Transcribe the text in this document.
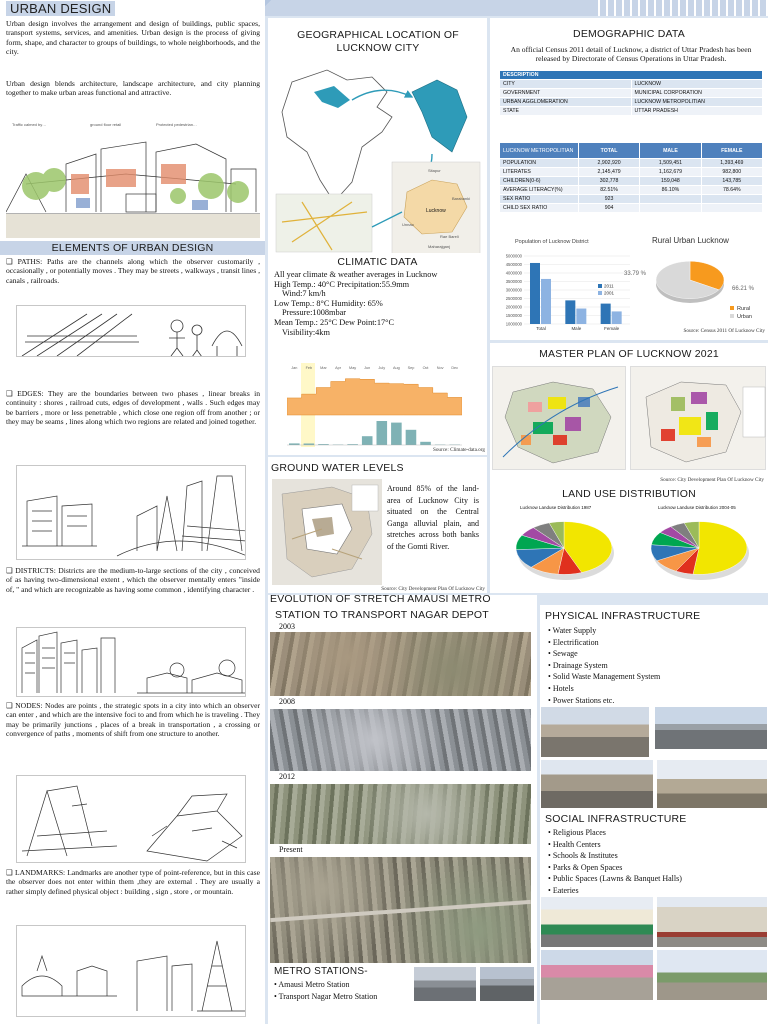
URBAN DESIGN

Urban design involves the arrangement and design of buildings, public spaces, transport systems, services, and amenities. Urban design is the process of giving form, shape, and character to groups of buildings, to whole neighborhoods, and the city.

Urban design blends architecture, landscape architecture, and city planning together to make urban areas functional and attractive.

Traffic calmed by…	ground floor retail	Protected pedestrian…
ELEMENTS OF URBAN DESIGN

❑ PATHS: Paths are the channels along which the observer customarily , occasionally , or potentially moves . They may be streets , walkways , transit lines , canals , railroads.

❑ EDGES: They are the boundaries between two phases , linear breaks in continuity : shores , railroad cuts, edges of development , walls . Such edges may be barriers , more or less penetrable , which close one region off from another ; or they may be seams , lines along which two regions are related and joined together.

❑ DISTRICTS: Districts are the medium-to-large sections of the city , conceived of as having two-dimensional extent , which the observer mentally enters "inside of, " and which are recognizable as having some common , identifying character .

❑ NODES: Nodes are points , the strategic spots in a city into which an observer can enter , and which are the intensive foci to and from which he is traveling . They may be primarily junctions , places of a break in transportation , a crossing or convergence of paths , moments of shift from one structure to another.

❑ LANDMARKS: Landmarks are another type of point-reference, but in this case the observer does not enter within them ,they are external . They are usually a rather simply defined physical object : building , sign , store , or mountain.

GEOGRAPHICAL LOCATION OF LUCKNOW CITY
Lucknow
Sitapur
Barabanki
Unnao
Rae Bareli
Maharajganj
CLIMATIC DATA
All year climate & weather averages in Lucknow
High Temp.: 40°C Precipitation:55.9mm
Wind:7 km/h
Low Temp.: 8°C Humidity: 65%
Pressure:1008mbar
Mean Temp.: 25°C Dew Point:17°C
Visibility:4km
Jan Feb Mar Apr May Jun July Aug Sep Oct Nov Dec
Source: Climate-data.org
GROUND WATER LEVELS

Around 85% of the land-area of Lucknow City is situated on the Central Ganga alluvial plain, and stretches across both banks of the Gomti River.

Source: City Development Plan Of Lucknow City
DEMOGRAPHIC DATA

An official Census 2011 detail of Lucknow, a district of Uttar Pradesh has been released by Directorate of Census Operations in Uttar Pradesh.

DESCRIPTION	
CITY	LUCKNOW
GOVERNMENT	MUNICIPAL CORPORATION
URBAN AGGLOMERATION	LUCKNOW METROPOLITIAN
STATE	UTTAR PRADESH
LUCKNOW METROPOLITIAN	TOTAL	MALE	FEMALE
POPULATION	2,902,920	1,509,451	1,393,469
LITERATES	2,145,479	1,162,679	982,800
CHILDREN(0-6)	302,778	159,048	143,785
AVERAGE LITERACY(%)	82.51%	86.10%	78.64%
SEX RATIO	923		
CHILD SEX RATIO	904		
Population of Lucknow District
1000000
1500000
2000000
2500000
3000000
3500000
4000000
4500000
5000000
Total	Male	Female
2011
2001
Rural Urban Lucknow
33.79 %
66.21 %
Rural
Urban
Source: Census 2011 Of Lucknow City
MASTER PLAN OF LUCKNOW 2021
Source: City Development Plan Of Lucknow City
LAND USE DISTRIBUTION
Lucknow Landuse Distribution 1987	Lucknow Landuse Distribution 2004-05
EVOLUTION OF STRETCH AMAUSI METRO
STATION TO TRANSPORT NAGAR DEPOT
2003
2008
2012
Present
METRO STATIONS-
• Amausi Metro Station
• Transport Nagar Metro Station
PHYSICAL INFRASTRUCTURE
• Water Supply
• Electrification
• Sewage
• Drainage System
• Solid Waste Management System
• Hotels
• Power Stations etc.
SOCIAL INFRASTRUCTURE
• Religious Places
• Health Centers
• Schools & Institutes
• Parks & Open Spaces
• Public Spaces (Lawns & Banquet Halls)
• Eateries
